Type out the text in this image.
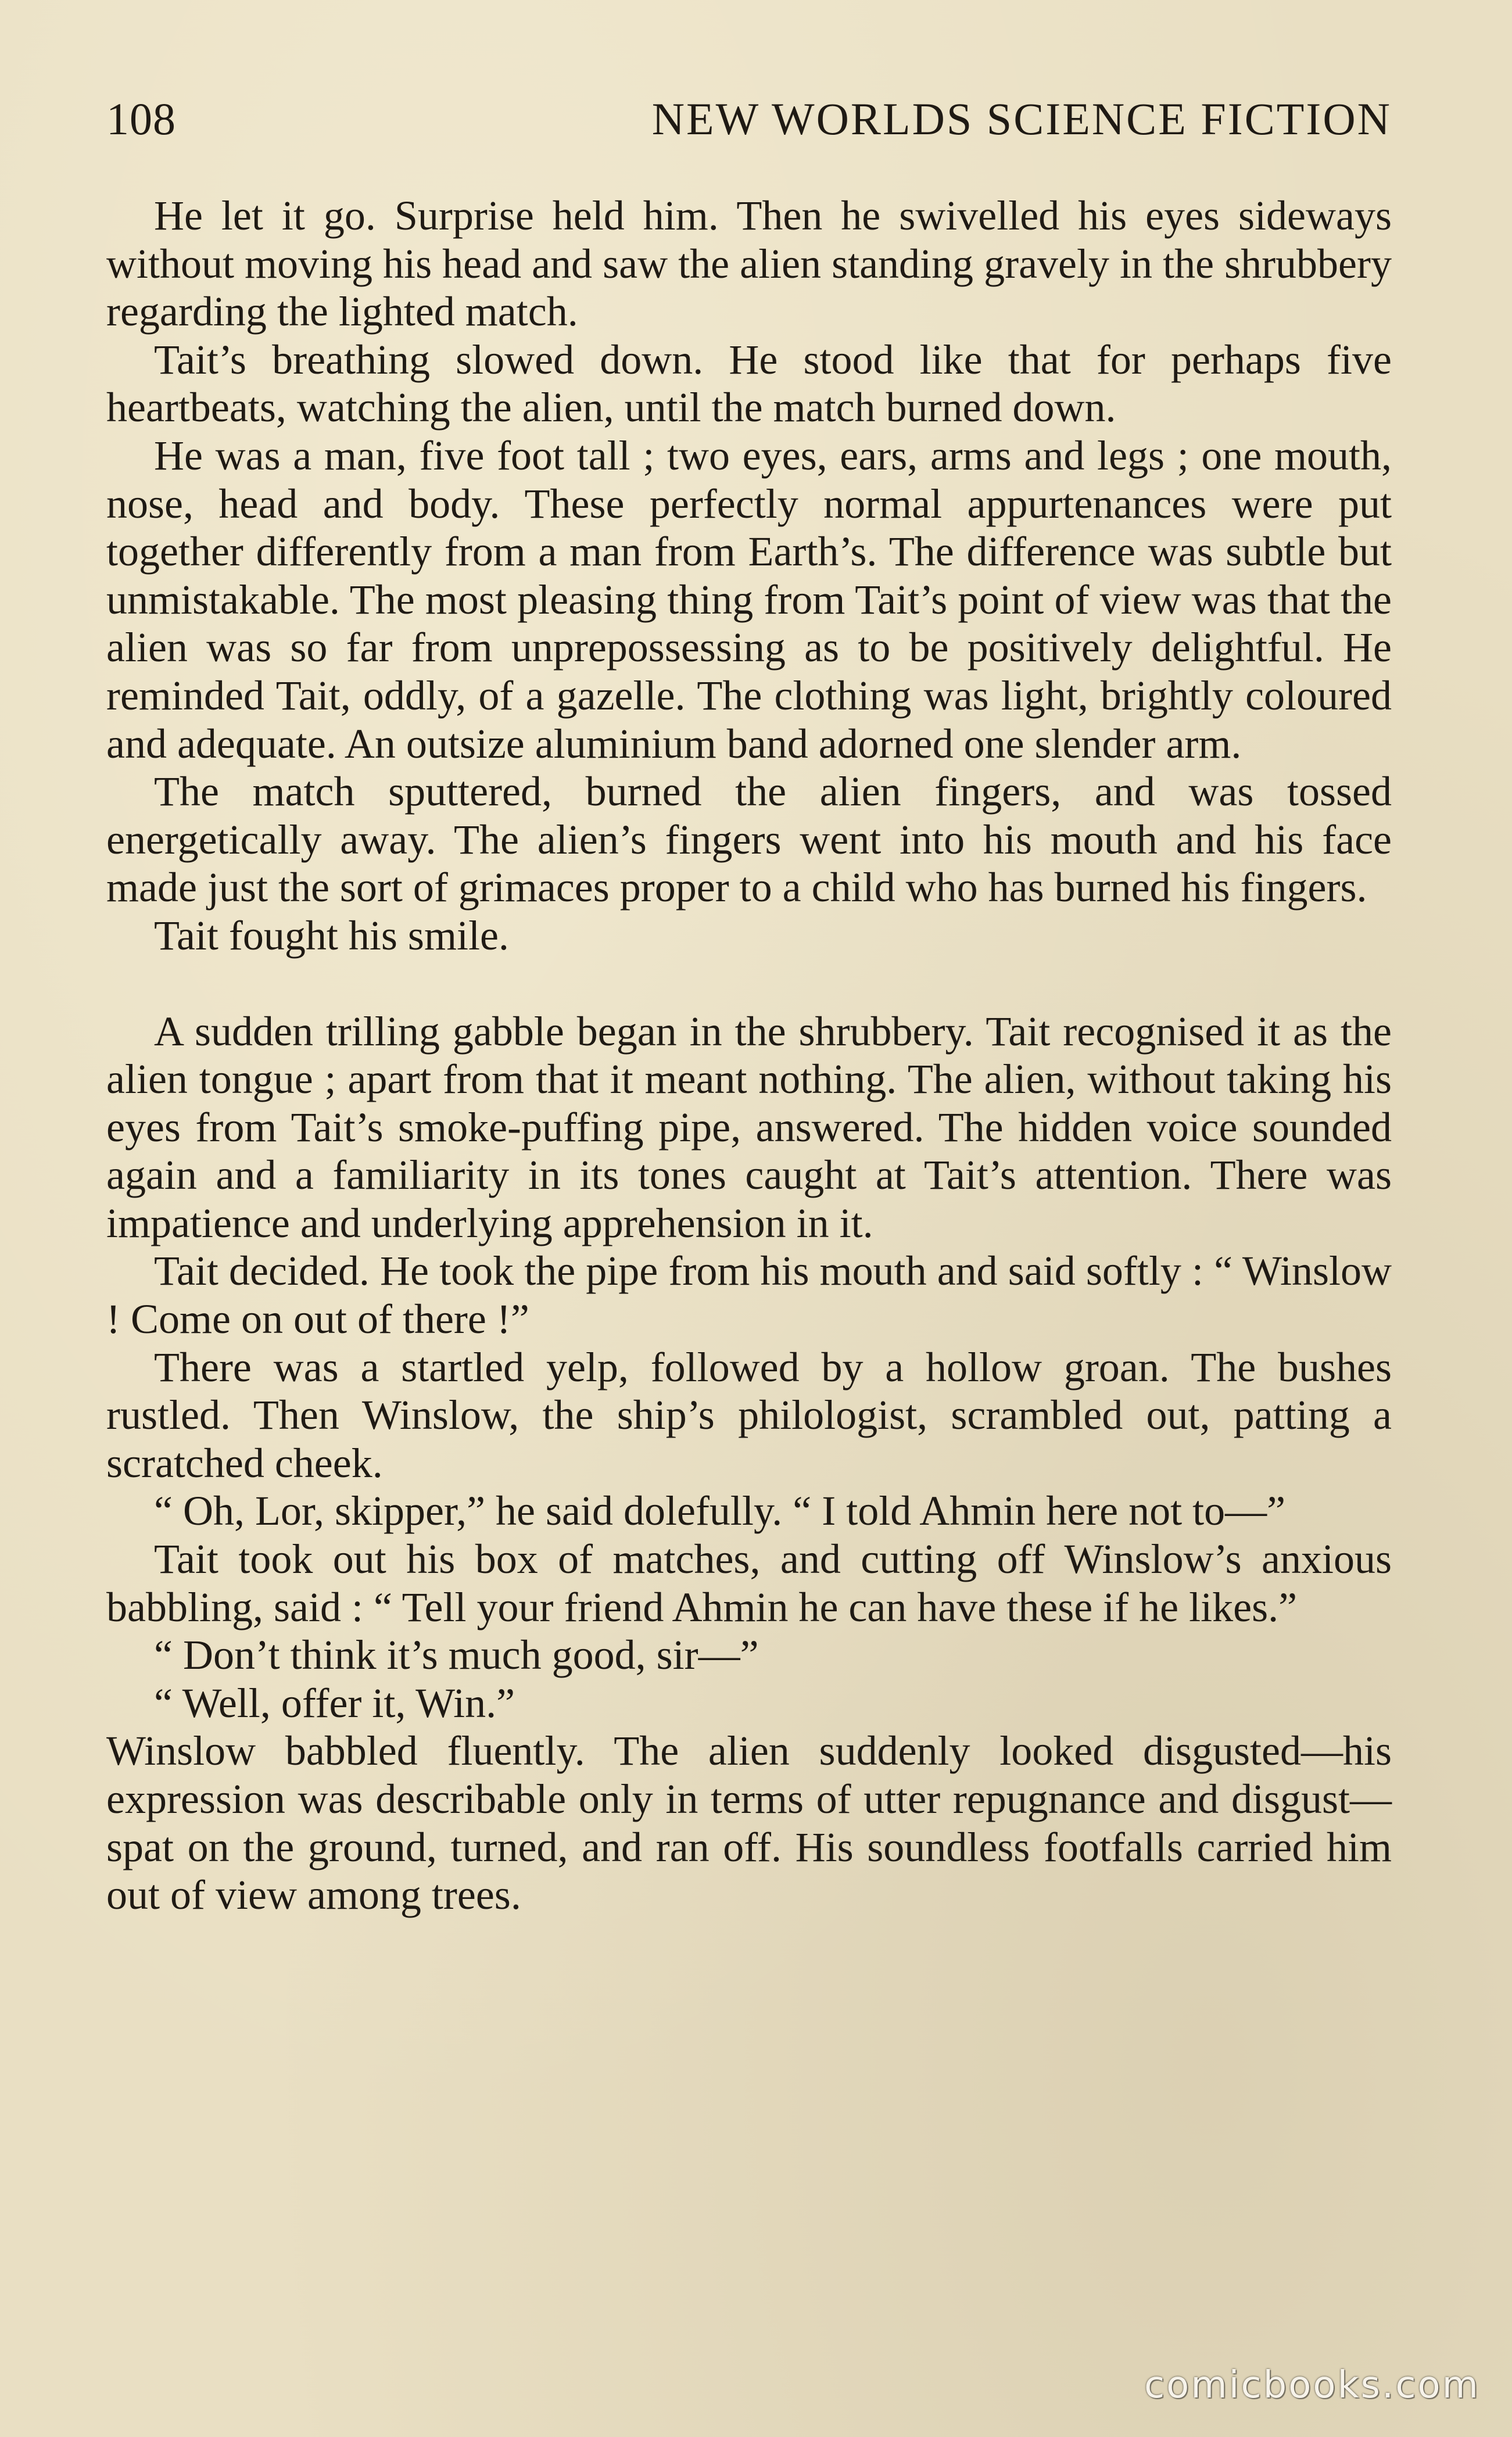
108	NEW WORLDS SCIENCE FICTION

He let it go. Surprise held him. Then he swivelled his eyes sideways without moving his head and saw the alien standing gravely in the shrubbery regarding the lighted match.

Tait’s breathing slowed down. He stood like that for perhaps five heartbeats, watching the alien, until the match burned down.

He was a man, five foot tall ; two eyes, ears, arms and legs ; one mouth, nose, head and body. These perfectly normal appurtenances were put together differently from a man from Earth’s. The difference was subtle but unmistakable. The most pleasing thing from Tait’s point of view was that the alien was so far from unprepossessing as to be positively delightful. He reminded Tait, oddly, of a gazelle. The clothing was light, brightly coloured and adequate. An outsize aluminium band adorned one slender arm.

The match sputtered, burned the alien fingers, and was tossed energetically away. The alien’s fingers went into his mouth and his face made just the sort of grimaces proper to a child who has burned his fingers.

Tait fought his smile.

A sudden trilling gabble began in the shrubbery. Tait recognised it as the alien tongue ; apart from that it meant nothing. The alien, without taking his eyes from Tait’s smoke-puffing pipe, answered. The hidden voice sounded again and a familiarity in its tones caught at Tait’s attention. There was impatience and underlying apprehension in it.

Tait decided. He took the pipe from his mouth and said softly : “ Winslow ! Come on out of there !”

There was a startled yelp, followed by a hollow groan. The bushes rustled. Then Winslow, the ship’s philologist, scrambled out, patting a scratched cheek.

“ Oh, Lor, skipper,” he said dolefully. “ I told Ahmin here not to—”

Tait took out his box of matches, and cutting off Winslow’s anxious babbling, said : “ Tell your friend Ahmin he can have these if he likes.”

“ Don’t think it’s much good, sir—”

“ Well, offer it, Win.”

Winslow babbled fluently. The alien suddenly looked disgusted—his expression was describable only in terms of utter repugnance and disgust—spat on the ground, turned, and ran off. His soundless footfalls carried him out of view among trees.

comicbooks.com
